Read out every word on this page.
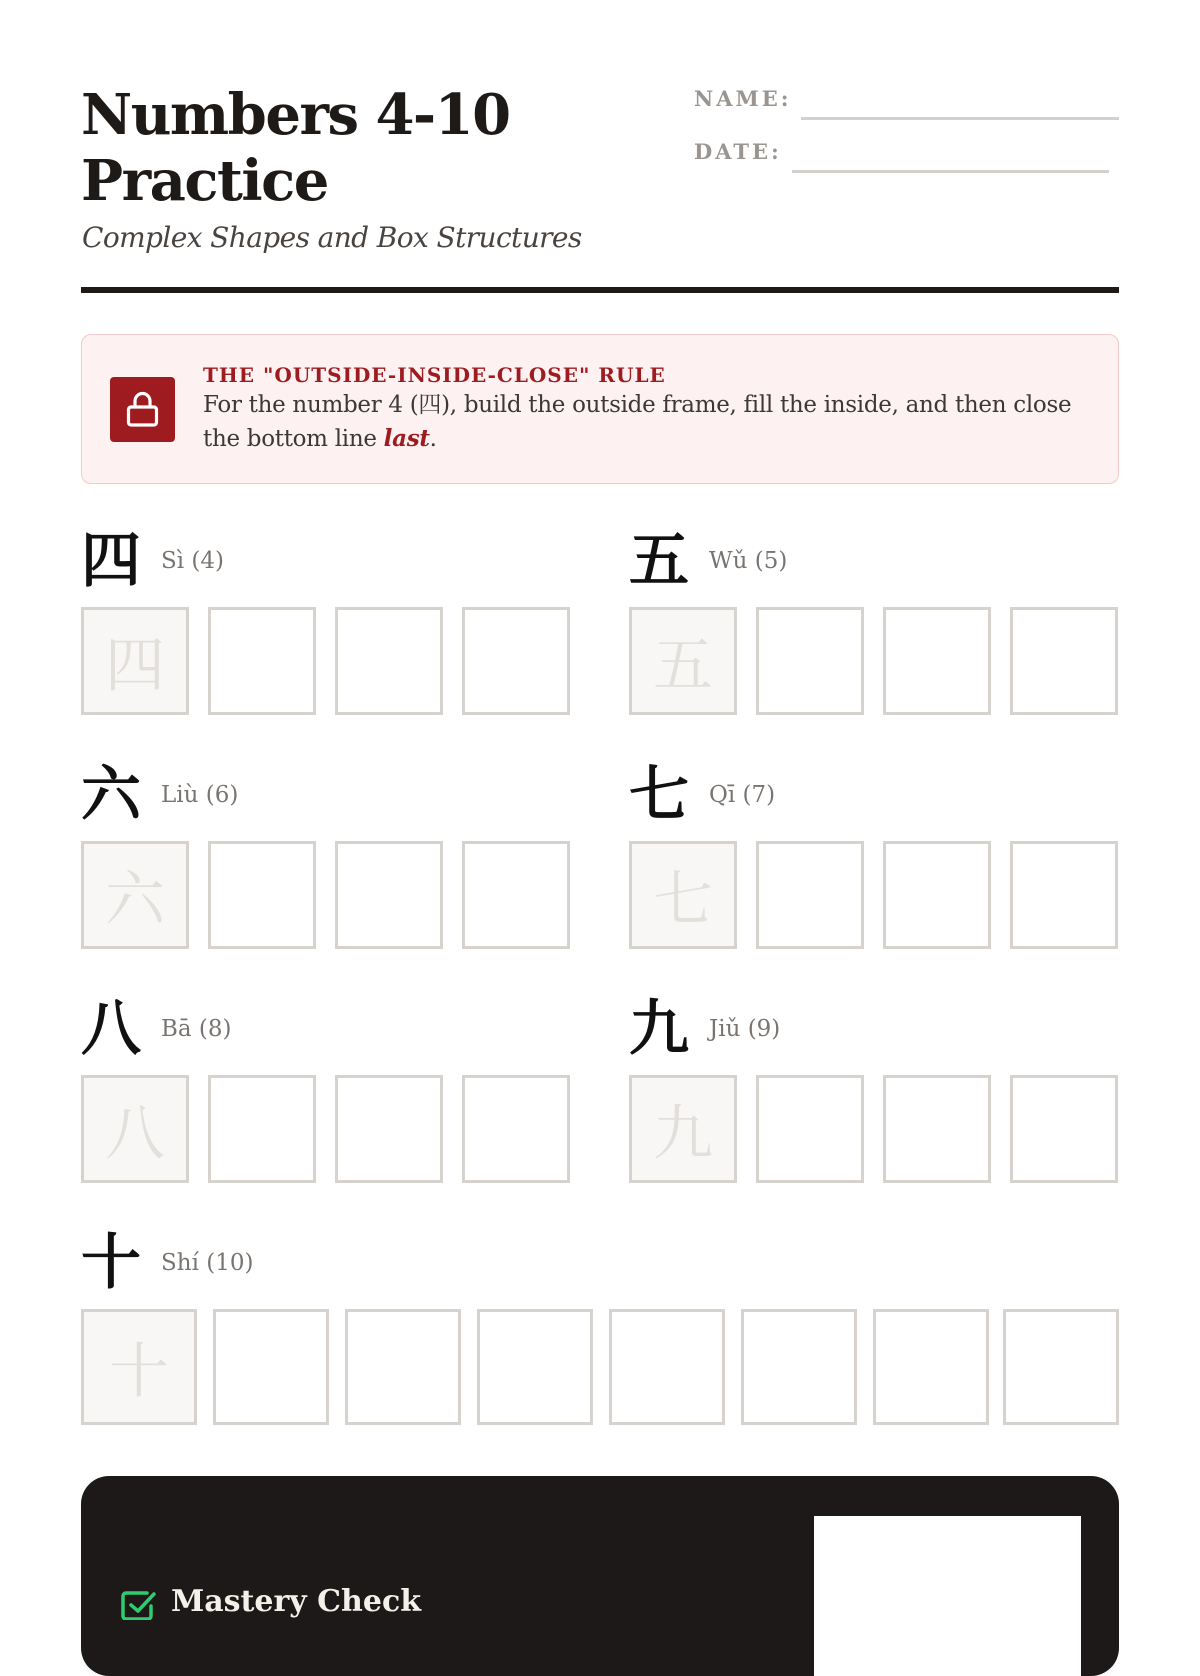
Numbers 4-10 Practice
Complex Shapes and Box Structures
NAME:
DATE:
THE "OUTSIDE-INSIDE-CLOSE" RULE
For the number 4 (四), build the outside frame, fill the inside, and then close the bottom line last.
四 Sì (4)
四
五 Wǔ (5)
五
六 Liù (6)
六
七 Qī (7)
七
八 Bā (8)
八
九 Jiǔ (9)
九
十 Shí (10)
十
Mastery Check
